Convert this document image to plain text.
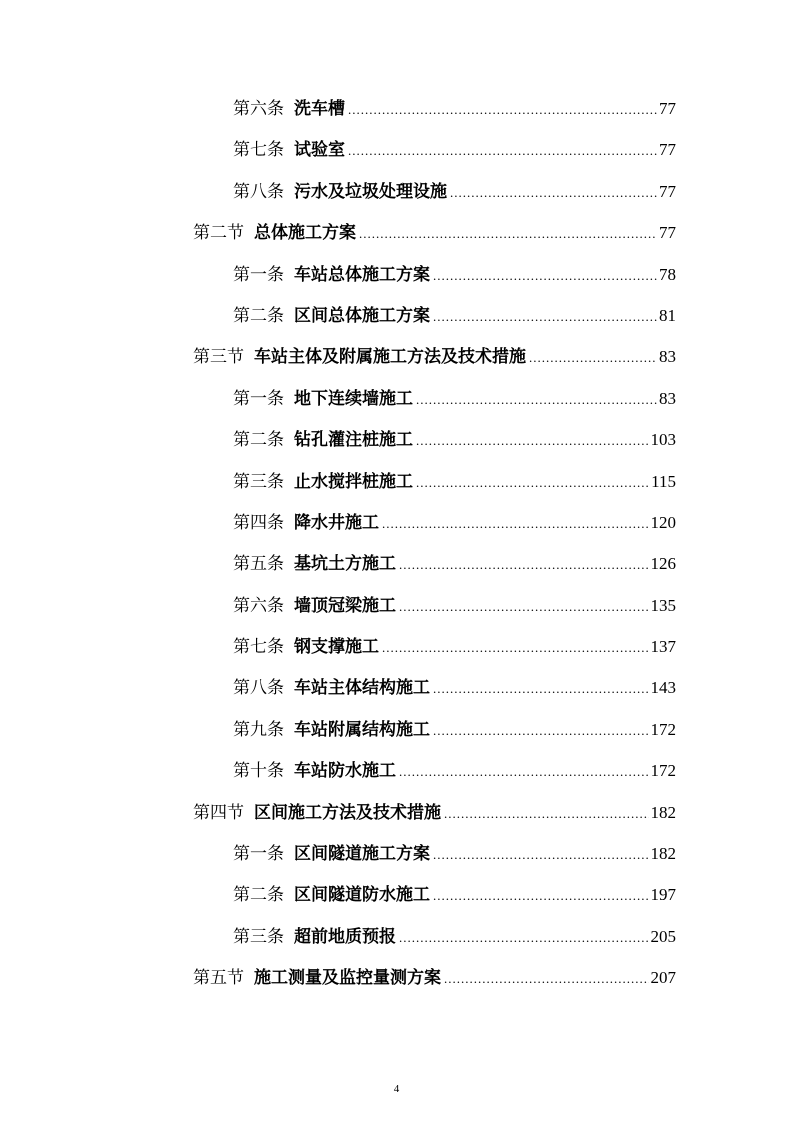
第六条 洗车槽 .....	77
第七条 试验室 .....	77
第八条 污水及垃圾处理设施 .....	77
第二节 总体施工方案 .....	77
第一条 车站总体施工方案 .....	78
第二条 区间总体施工方案 .....	81
第三节 车站主体及附属施工方法及技术措施 .....	83
第一条 地下连续墙施工 .....	83
第二条 钻孔灌注桩施工 .....	103
第三条 止水搅拌桩施工 .....	115
第四条 降水井施工 .....	120
第五条 基坑土方施工 .....	126
第六条 墙顶冠梁施工 .....	135
第七条 钢支撑施工 .....	137
第八条 车站主体结构施工 .....	143
第九条 车站附属结构施工 .....	172
第十条 车站防水施工 .....	172
第四节 区间施工方法及技术措施 .....	182
第一条 区间隧道施工方案 .....	182
第二条 区间隧道防水施工 .....	197
第三条 超前地质预报 .....	205
第五节 施工测量及监控量测方案 .....	207
4
